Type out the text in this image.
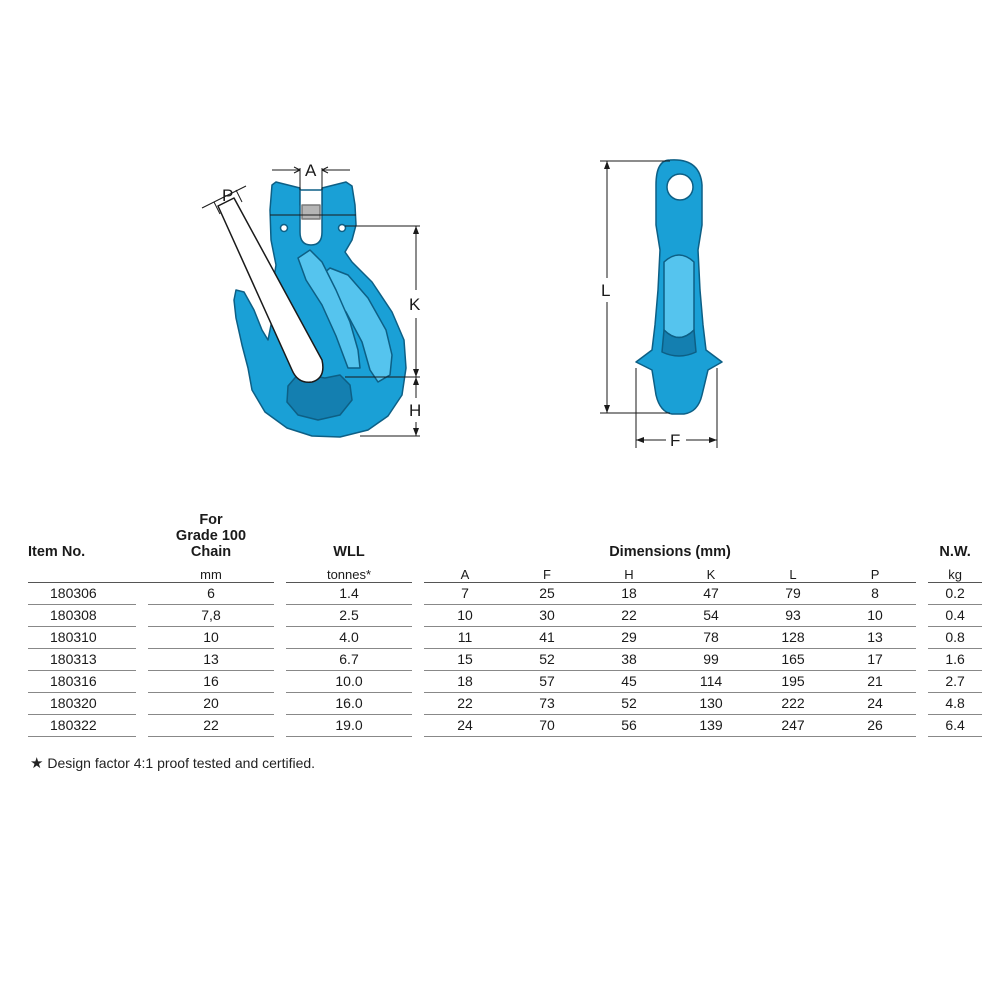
A
P
K
H
L
F
Item No.		For
Grade 100
Chain		WLL		Dimensions (mm)							N.W.
		mm		tonnes*		A	F	H	K	L	P		kg
180306		6		1.4		7	25	18	47	79	8		0.2
180308		7,8		2.5		10	30	22	54	93	10		0.4
180310		10		4.0		11	41	29	78	128	13		0.8
180313		13		6.7		15	52	38	99	165	17		1.6
180316		16		10.0		18	57	45	114	195	21		2.7
180320		20		16.0		22	73	52	130	222	24		4.8
180322		22		19.0		24	70	56	139	247	26		6.4
★ Design factor 4:1 proof tested and certified.
